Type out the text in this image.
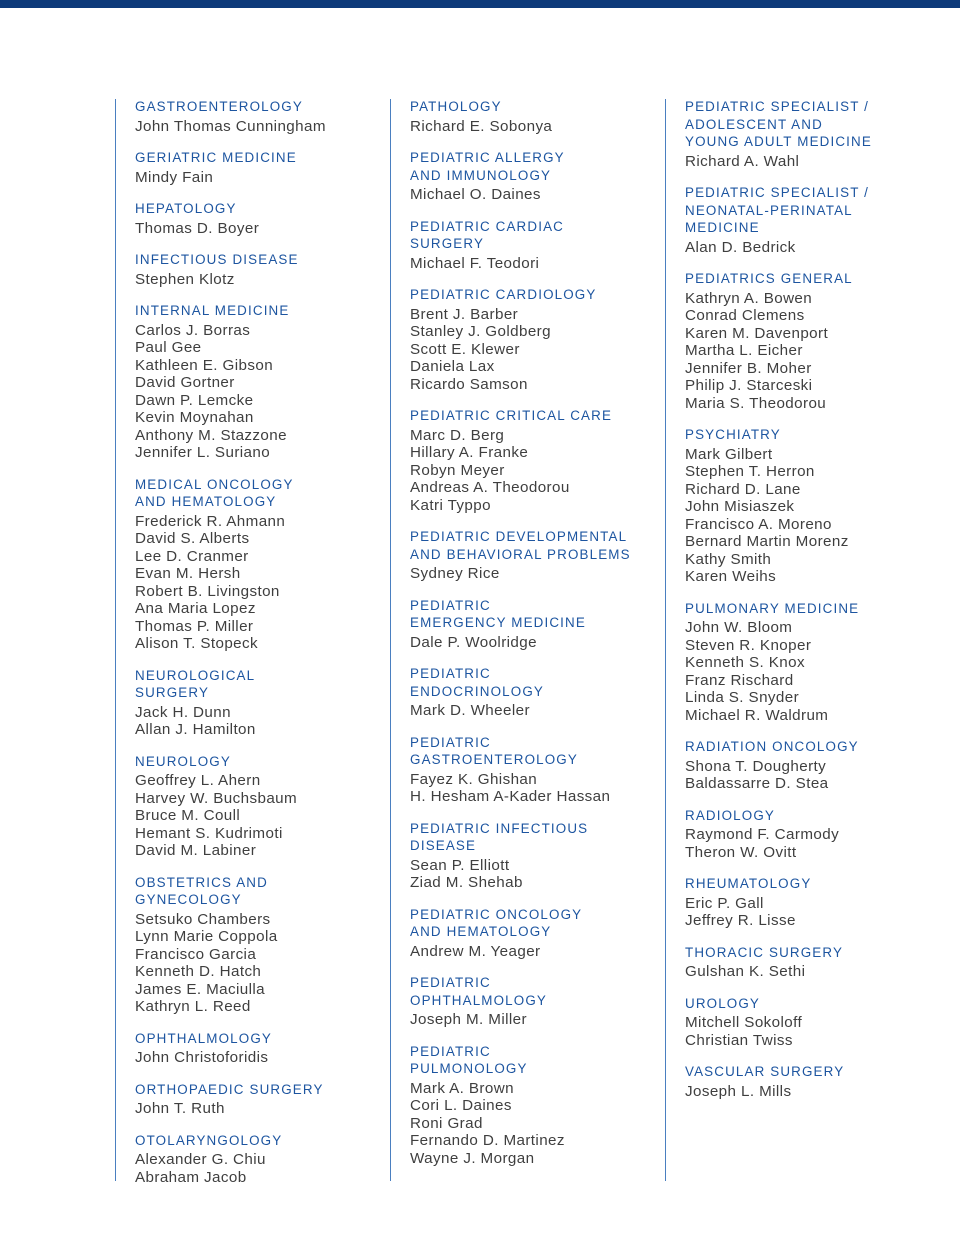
GASTROENTEROLOGY
John Thomas Cunningham
GERIATRIC MEDICINE
Mindy Fain
HEPATOLOGY
Thomas D. Boyer
INFECTIOUS DISEASE
Stephen Klotz
INTERNAL MEDICINE
Carlos J. Borras
Paul Gee
Kathleen E. Gibson
David Gortner
Dawn P. Lemcke
Kevin Moynahan
Anthony M. Stazzone
Jennifer L. Suriano
MEDICAL ONCOLOGY
AND HEMATOLOGY
Frederick R. Ahmann
David S. Alberts
Lee D. Cranmer
Evan M. Hersh
Robert B. Livingston
Ana Maria Lopez
Thomas P. Miller
Alison T. Stopeck
NEUROLOGICAL
SURGERY
Jack H. Dunn
Allan J. Hamilton
NEUROLOGY
Geoffrey L. Ahern
Harvey W. Buchsbaum
Bruce M. Coull
Hemant S. Kudrimoti
David M. Labiner
OBSTETRICS AND
GYNECOLOGY
Setsuko Chambers
Lynn Marie Coppola
Francisco Garcia
Kenneth D. Hatch
James E. Maciulla
Kathryn L. Reed
OPHTHALMOLOGY
John Christoforidis
ORTHOPAEDIC SURGERY
John T. Ruth
OTOLARYNGOLOGY
Alexander G. Chiu
Abraham Jacob
PATHOLOGY
Richard E. Sobonya
PEDIATRIC ALLERGY
AND IMMUNOLOGY
Michael O. Daines
PEDIATRIC CARDIAC
SURGERY
Michael F. Teodori
PEDIATRIC CARDIOLOGY
Brent J. Barber
Stanley J. Goldberg
Scott E. Klewer
Daniela Lax
Ricardo Samson
PEDIATRIC CRITICAL CARE
Marc D. Berg
Hillary A. Franke
Robyn Meyer
Andreas A. Theodorou
Katri Typpo
PEDIATRIC DEVELOPMENTAL
AND BEHAVIORAL PROBLEMS
Sydney Rice
PEDIATRIC
EMERGENCY MEDICINE
Dale P. Woolridge
PEDIATRIC
ENDOCRINOLOGY
Mark D. Wheeler
PEDIATRIC
GASTROENTEROLOGY
Fayez K. Ghishan
H. Hesham A-Kader Hassan
PEDIATRIC INFECTIOUS
DISEASE
Sean P. Elliott
Ziad M. Shehab
PEDIATRIC ONCOLOGY
AND HEMATOLOGY
Andrew M. Yeager
PEDIATRIC
OPHTHALMOLOGY
Joseph M. Miller
PEDIATRIC
PULMONOLOGY
Mark A. Brown
Cori L. Daines
Roni Grad
Fernando D. Martinez
Wayne J. Morgan
PEDIATRIC SPECIALIST /
ADOLESCENT AND
YOUNG ADULT MEDICINE
Richard A. Wahl
PEDIATRIC SPECIALIST /
NEONATAL-PERINATAL
MEDICINE
Alan D. Bedrick
PEDIATRICS GENERAL
Kathryn A. Bowen
Conrad Clemens
Karen M. Davenport
Martha L. Eicher
Jennifer B. Moher
Philip J. Starceski
Maria S. Theodorou
PSYCHIATRY
Mark Gilbert
Stephen T. Herron
Richard D. Lane
John Misiaszek
Francisco A. Moreno
Bernard Martin Morenz
Kathy Smith
Karen Weihs
PULMONARY MEDICINE
John W. Bloom
Steven R. Knoper
Kenneth S. Knox
Franz Rischard
Linda S. Snyder
Michael R. Waldrum
RADIATION ONCOLOGY
Shona T. Dougherty
Baldassarre D. Stea
RADIOLOGY
Raymond F. Carmody
Theron W. Ovitt
RHEUMATOLOGY
Eric P. Gall
Jeffrey R. Lisse
THORACIC SURGERY
Gulshan K. Sethi
UROLOGY
Mitchell Sokoloff
Christian Twiss
VASCULAR SURGERY
Joseph L. Mills
